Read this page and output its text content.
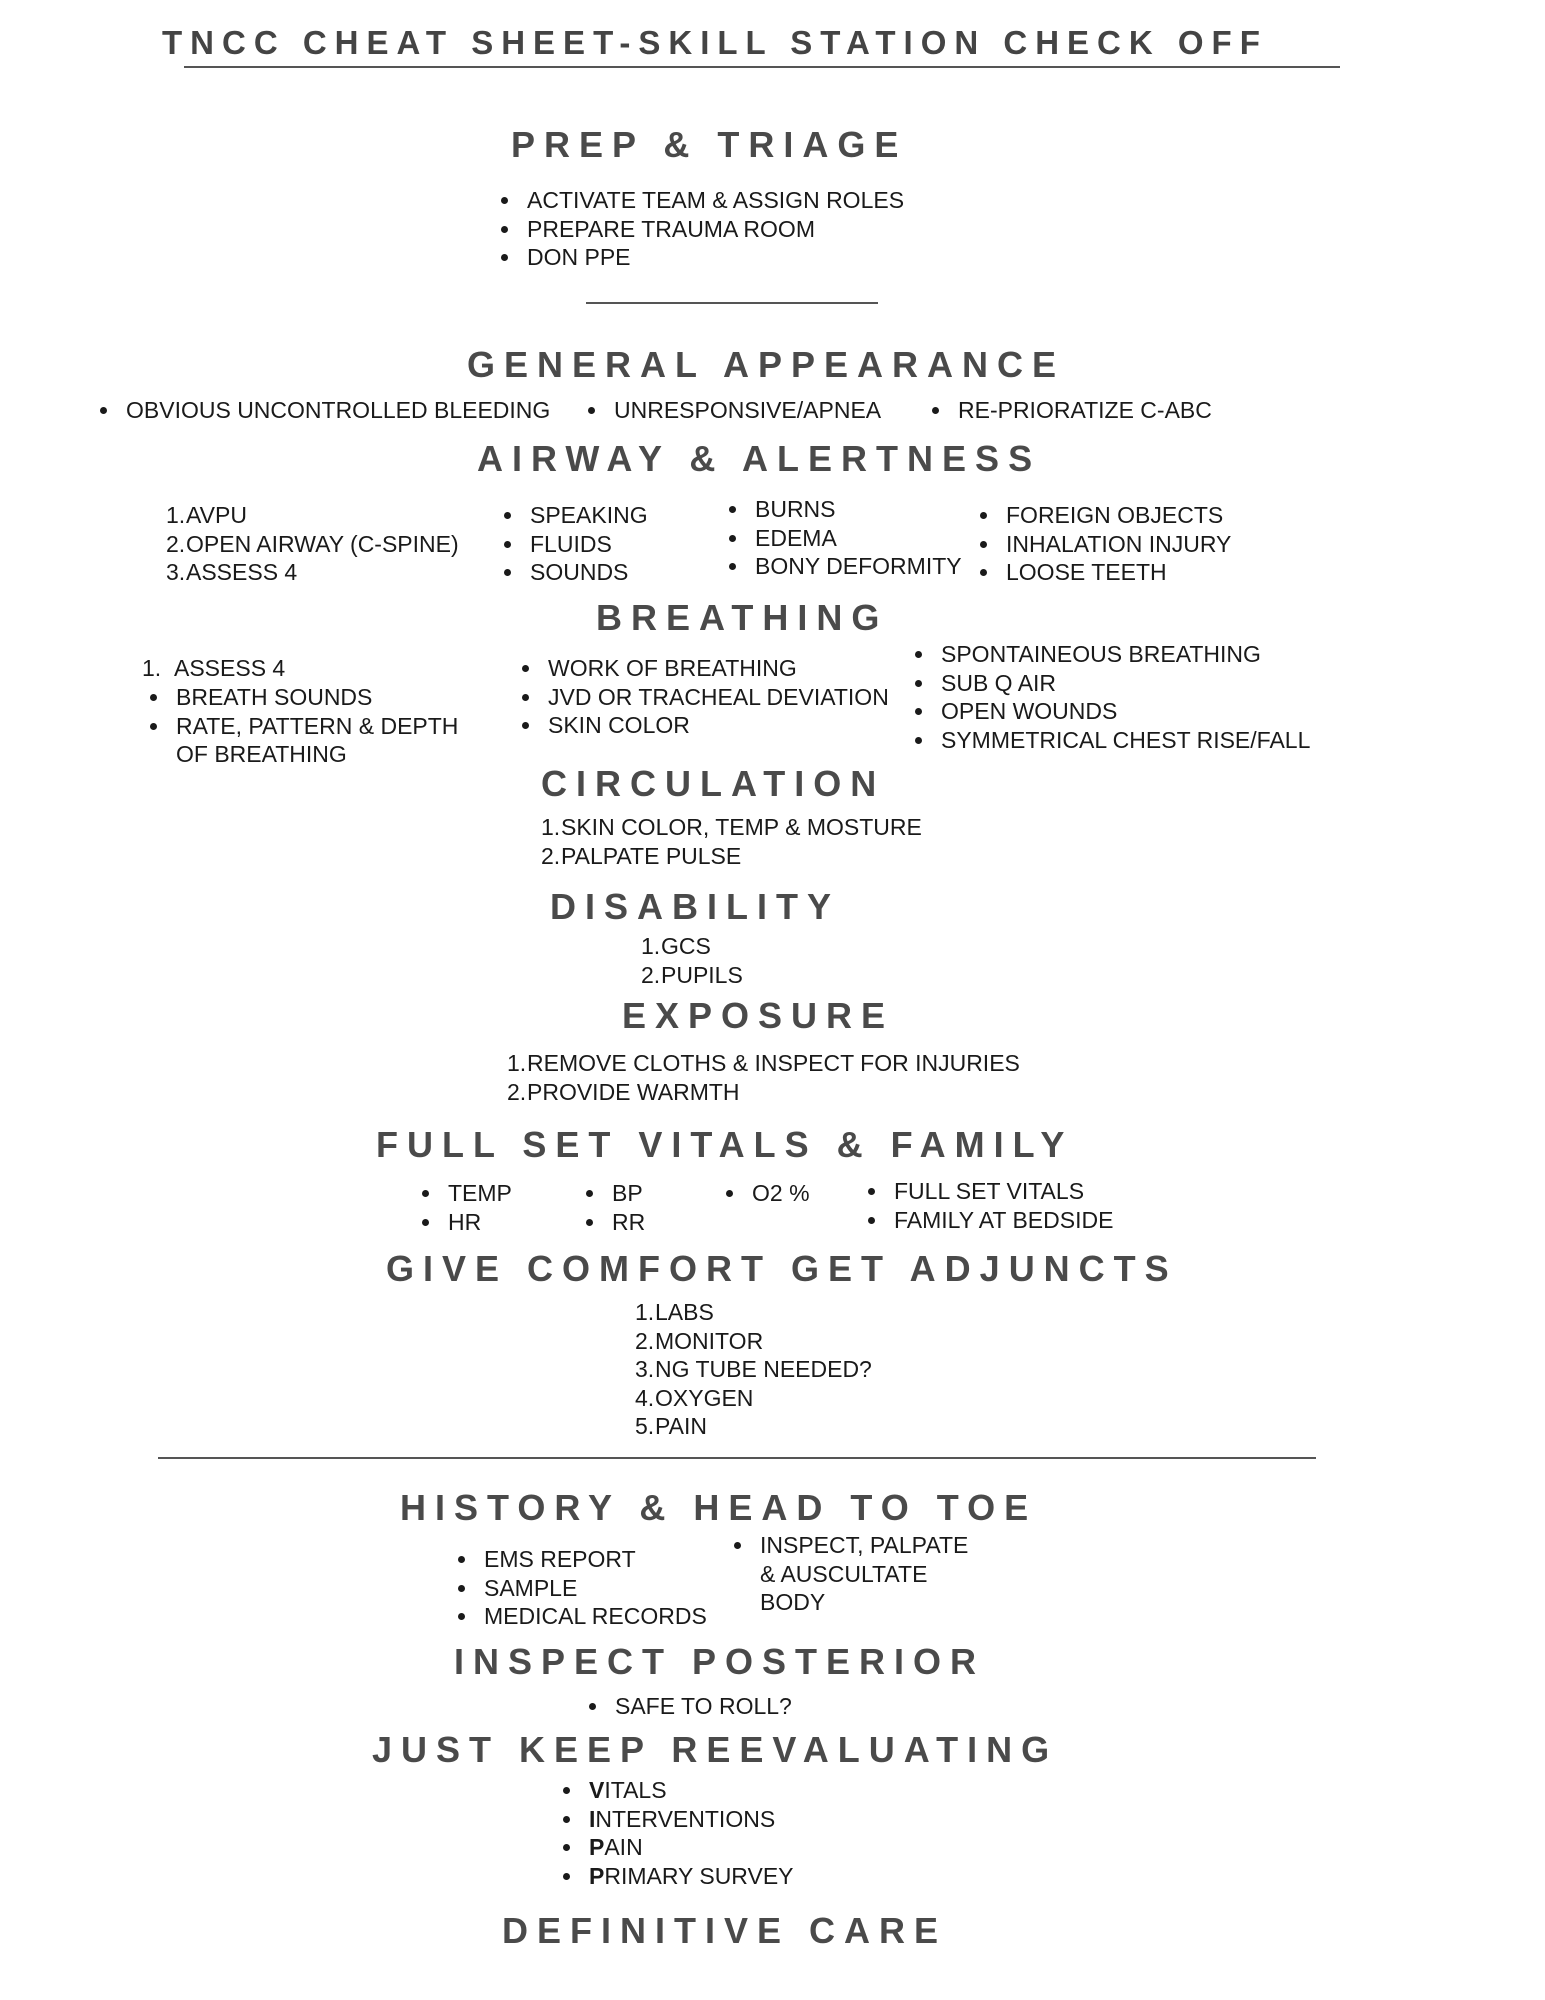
TNCC CHEAT SHEET-SKILL STATION CHECK OFF
PREP & TRIAGE
ACTIVATE TEAM & ASSIGN ROLES
PREPARE TRAUMA ROOM
DON PPE
GENERAL APPEARANCE
OBVIOUS UNCONTROLLED BLEEDING	UNRESPONSIVE/APNEA	RE-PRIORATIZE C-ABC
AIRWAY & ALERTNESS
1.AVPU
2.OPEN AIRWAY (C-SPINE)
3.ASSESS 4
SPEAKING
FLUIDS
SOUNDS
BURNS
EDEMA
BONY DEFORMITY
FOREIGN OBJECTS
INHALATION INJURY
LOOSE TEETH
BREATHING
1. ASSESS 4
BREATH SOUNDS
RATE, PATTERN & DEPTH OF BREATHING
WORK OF BREATHING
JVD OR TRACHEAL DEVIATION
SKIN COLOR
SPONTAINEOUS BREATHING
SUB Q AIR
OPEN WOUNDS
SYMMETRICAL CHEST RISE/FALL
CIRCULATION
1.SKIN COLOR, TEMP & MOSTURE
2.PALPATE PULSE
DISABILITY
1.GCS
2.PUPILS
EXPOSURE
1.REMOVE CLOTHS & INSPECT FOR INJURIES
2.PROVIDE WARMTH
FULL SET VITALS & FAMILY
TEMP
HR
BP
RR
O2 %	FULL SET VITALS
FAMILY AT BEDSIDE
GIVE COMFORT GET ADJUNCTS
1.LABS
2.MONITOR
3.NG TUBE NEEDED?
4.OXYGEN
5.PAIN
HISTORY & HEAD TO TOE
EMS REPORT
SAMPLE
MEDICAL RECORDS
INSPECT, PALPATE & AUSCULTATE BODY
INSPECT POSTERIOR
SAFE TO ROLL?
JUST KEEP REEVALUATING
VITALS
INTERVENTIONS
PAIN
PRIMARY SURVEY
DEFINITIVE CARE
